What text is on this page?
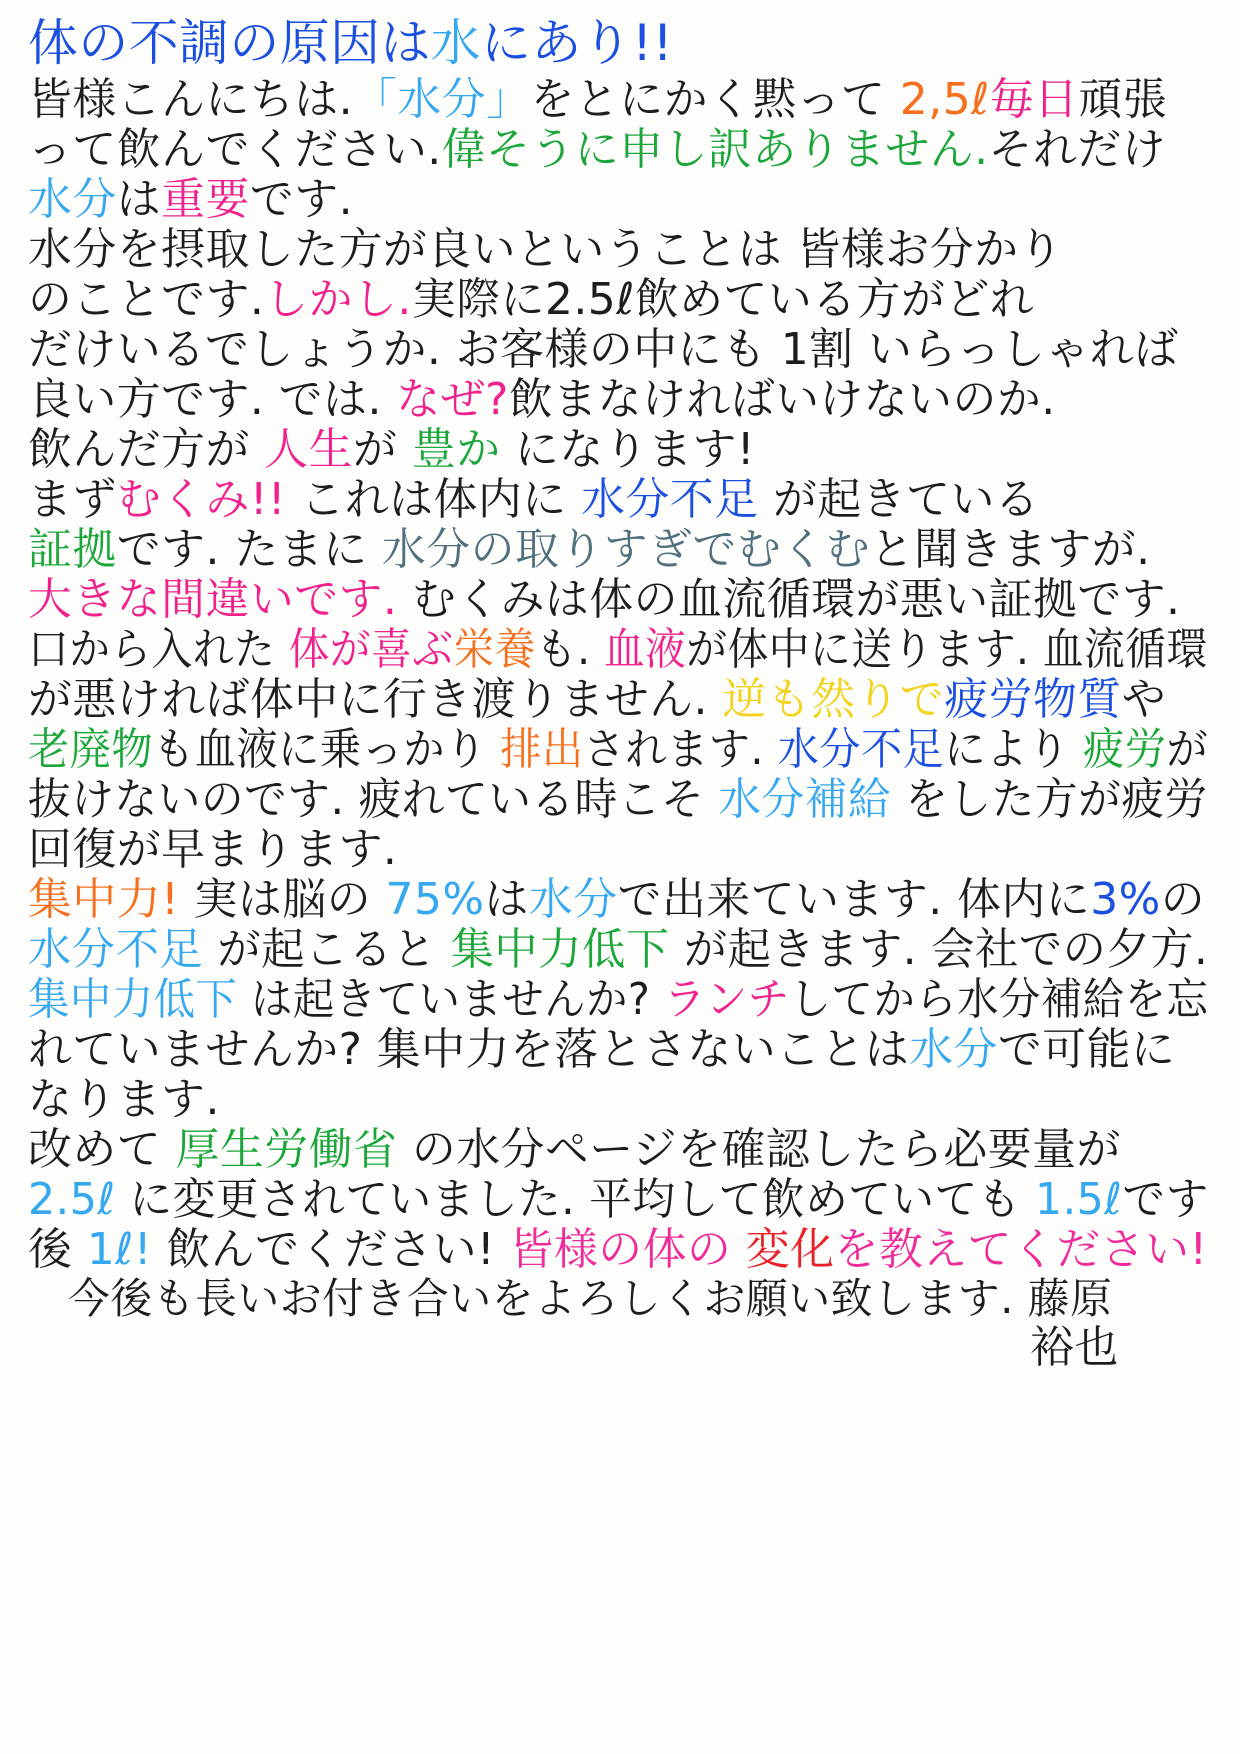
体の不調の原因は水にあり!!
皆様こんにちは.「水分」をとにかく黙って 2,5ℓ毎日頑張
って飲んでください.偉そうに申し訳ありません.それだけ
水分は重要です.
水分を摂取した方が良いということは 皆様お分かり
のことです.しかし.実際に2.5ℓ飲めている方がどれ
だけいるでしょうか. お客様の中にも 1割 いらっしゃれば
良い方です. では. なぜ?飲まなければいけないのか.
飲んだ方が 人生が 豊か になります!
まずむくみ!! これは体内に 水分不足 が起きている
証拠です. たまに 水分の取りすぎでむくむと聞きますが.
大きな間違いです. むくみは体の血流循環が悪い証拠です.
口から入れた 体が喜ぶ栄養も. 血液が体中に送ります. 血流循環
が悪ければ体中に行き渡りません. 逆も然りで疲労物質や
老廃物も血液に乗っかり 排出されます. 水分不足により 疲労が
抜けないのです. 疲れている時こそ 水分補給 をした方が疲労
回復が早まります.
集中力! 実は脳の 75%は水分で出来ています. 体内に3%の
水分不足 が起こると 集中力低下 が起きます. 会社での夕方.
集中力低下 は起きていませんか? ランチしてから水分補給を忘
れていませんか? 集中力を落とさないことは水分で可能に
なります.
改めて 厚生労働省 の水分ページを確認したら必要量が
2.5ℓ に変更されていました. 平均して飲めていても 1.5ℓです
後 1ℓ! 飲んでください! 皆様の体の 変化を教えてください!
今後も長いお付き合いをよろしくお願い致します. 藤原
裕也
